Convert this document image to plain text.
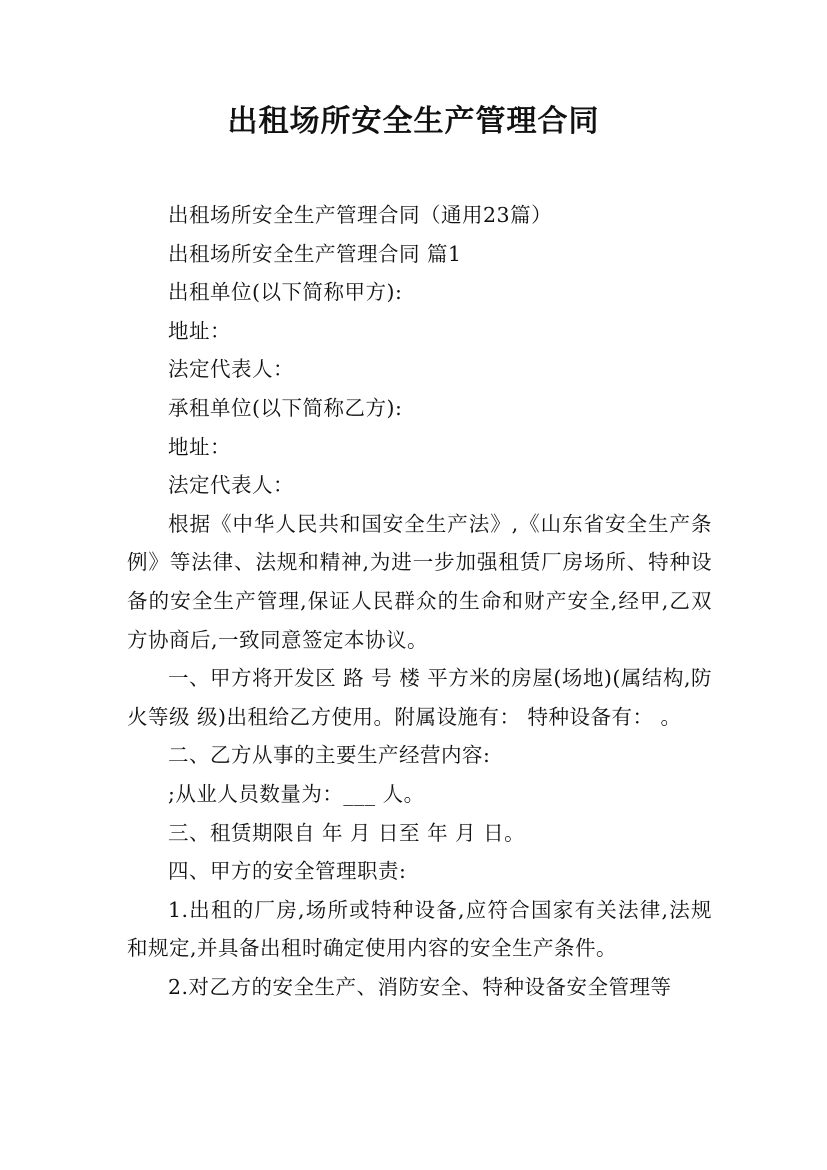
出租场所安全生产管理合同

出租场所安全生产管理合同（通用23篇）

出租场所安全生产管理合同 篇1

出租单位(以下简称甲方):

地址：

法定代表人：

承租单位(以下简称乙方):

地址：

法定代表人：

根据《中华人民共和国安全生产法》,《山东省安全生产条例》等法律、法规和精神,为进一步加强租赁厂房场所、特种设备的安全生产管理,保证人民群众的生命和财产安全,经甲,乙双方协商后,一致同意签定本协议。

一、甲方将开发区 路 号 楼 平方米的房屋(场地)(属结构,防火等级 级)出租给乙方使用。附属设施有： 特种设备有： 。

二、乙方从事的主要生产经营内容:

;从业人员数量为：___ 人。

三、租赁期限自 年 月 日至 年 月 日。

四、甲方的安全管理职责:

1.出租的厂房,场所或特种设备,应符合国家有关法律,法规和规定,并具备出租时确定使用内容的安全生产条件。

2.对乙方的安全生产、消防安全、特种设备安全管理等
